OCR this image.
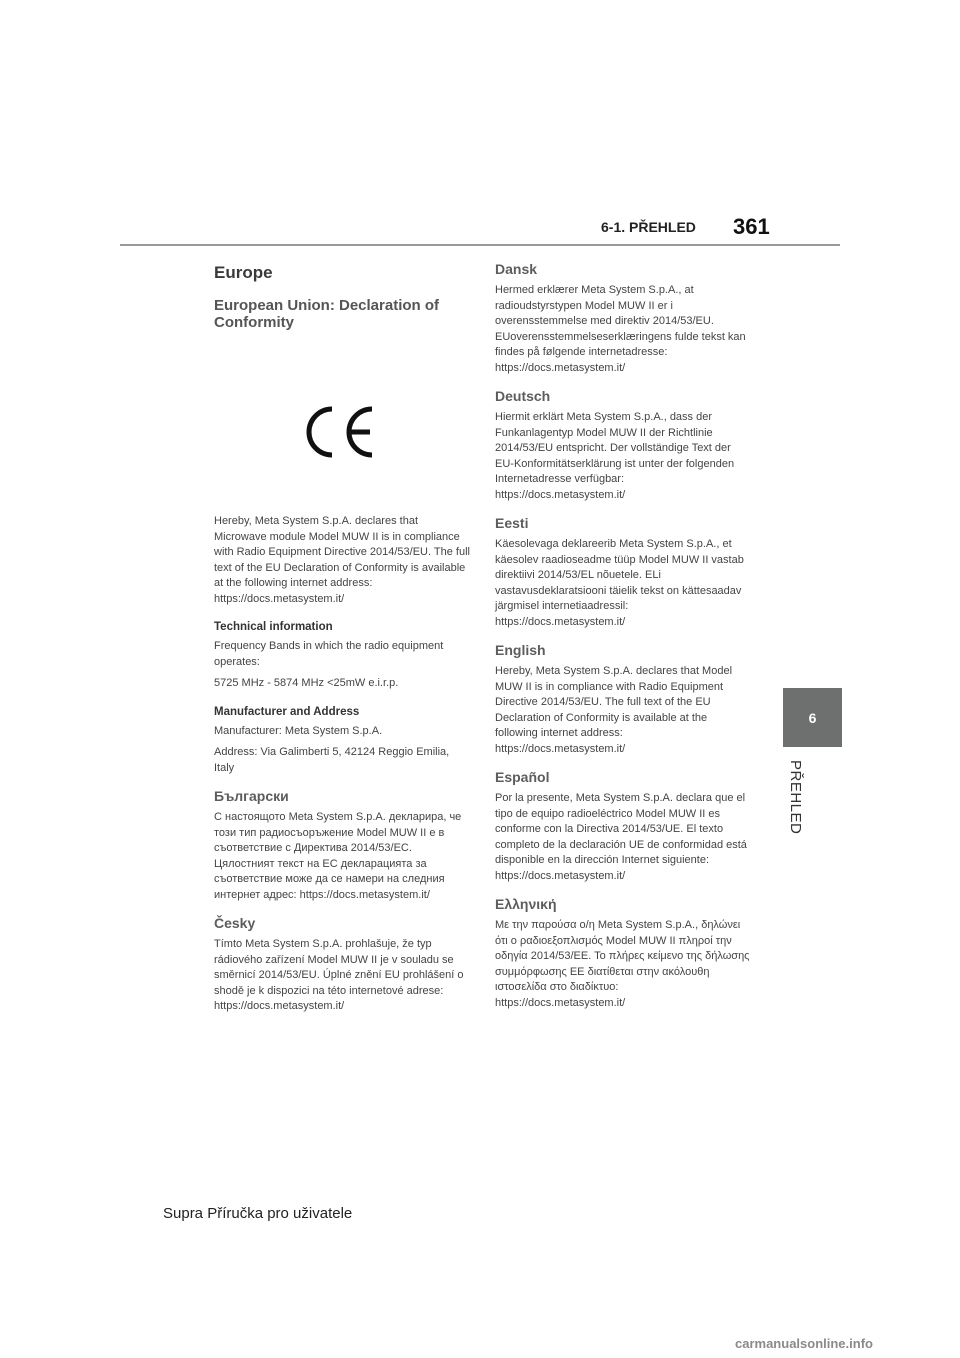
6-1. PŘEHLED 361
6
PŘEHLED
Europe
European Union: Declaration of Conformity

Hereby, Meta System S.p.A. declares that Microwave module Model MUW II is in compliance with Radio Equipment Directive 2014/53/EU. The full text of the EU Declaration of Conformity is available at the following internet address: https://docs.metasystem.it/

Technical information

Frequency Bands in which the radio equipment operates:

5725 MHz - 5874 MHz <25mW e.i.r.p.

Manufacturer and Address

Manufacturer: Meta System S.p.A.

Address: Via Galimberti 5, 42124 Reggio Emilia, Italy

Български

С настоящото Meta System S.p.A. декларира, че този тип радиосъоръжение Model MUW II е в съответствие с Директива 2014/53/ЕС. Цялостният текст на ЕС декларацията за съответствие може да се намери на следния интернет адрес: https://docs.metasystem.it/

Česky

Tímto Meta System S.p.A. prohlašuje, že typ rádiového zařízení Model MUW II je v souladu se směrnicí 2014/53/EU. Úplné znění EU prohlášení o shodě je k dispozici na této internetové adrese: https://docs.metasystem.it/

Dansk

Hermed erklærer Meta System S.p.A., at radioudstyrstypen Model MUW II er i overensstemmelse med direktiv 2014/53/EU. EUoverensstemmelseserklæringens fulde tekst kan findes på følgende internetadresse: https://docs.metasystem.it/

Deutsch

Hiermit erklärt Meta System S.p.A., dass der Funkanlagentyp Model MUW II der Richtlinie 2014/53/EU entspricht. Der vollständige Text der EU-Konformitätserklärung ist unter der folgenden Internetadresse verfügbar: https://docs.metasystem.it/

Eesti

Käesolevaga deklareerib Meta System S.p.A., et käesolev raadioseadme tüüp Model MUW II vastab direktiivi 2014/53/EL nõuetele. ELi vastavusdeklaratsiooni täielik tekst on kättesaadav järgmisel internetiaadressil: https://docs.metasystem.it/

English

Hereby, Meta System S.p.A. declares that Model MUW II is in compliance with Radio Equipment Directive 2014/53/EU. The full text of the EU Declaration of Conformity is available at the following internet address: https://docs.metasystem.it/

Español

Por la presente, Meta System S.p.A. declara que el tipo de equipo radioeléctrico Model MUW II es conforme con la Directiva 2014/53/UE. El texto completo de la declaración UE de conformidad está disponible en la dirección Internet siguiente: https://docs.metasystem.it/

Ελληνική

Με την παρούσα ο/η Meta System S.p.A., δηλώνει ότι ο ραδιοεξοπλισμός Model MUW II πληροί την οδηγία 2014/53/ΕΕ. Το πλήρες κείμενο της δήλωσης συμμόρφωσης ΕΕ διατίθεται στην ακόλουθη ιστοσελίδα στο διαδίκτυο: https://docs.metasystem.it/

Supra Příručka pro uživatele
carmanualsonline.info
